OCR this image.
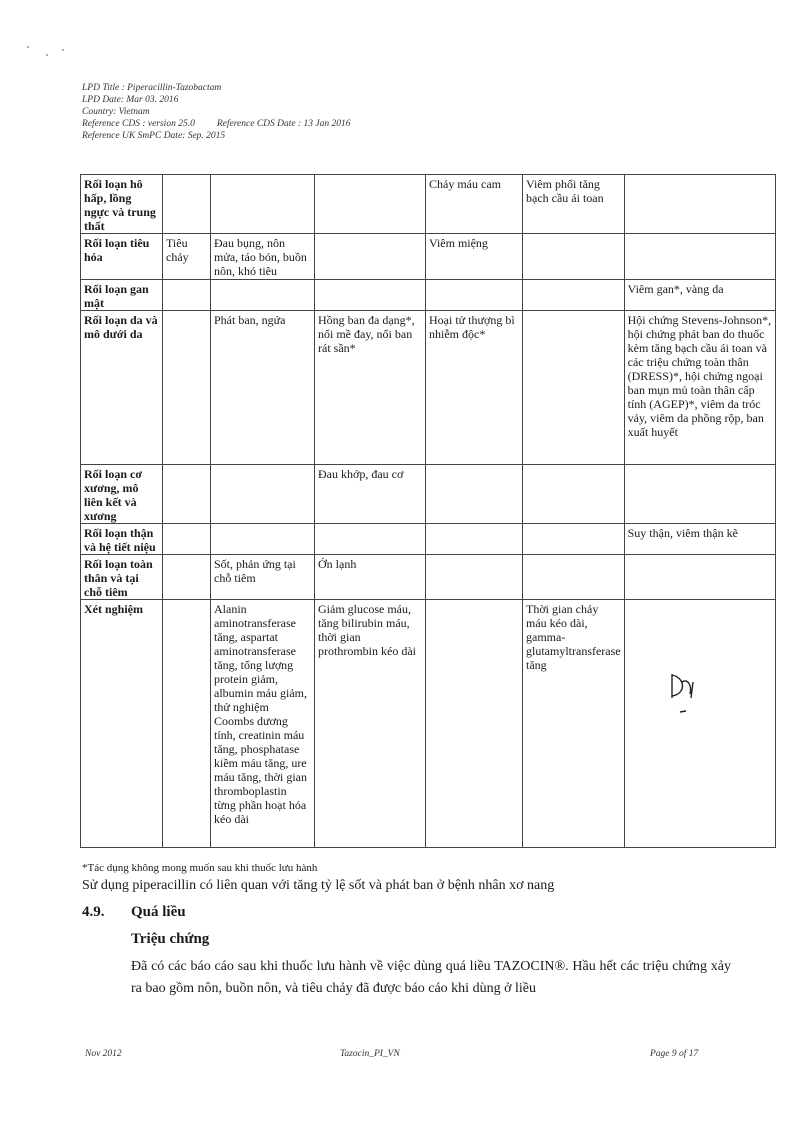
LPD Title : Piperacillin-Tazobactam
LPD Date: Mar 03. 2016
Country: Vietnam
Reference CDS : version 25.0 Reference CDS Date : 13 Jan 2016
Reference UK SmPC Date: Sep. 2015
Rối loạn hô hấp, lồng ngực và trung thất				Chảy máu cam	Viêm phổi tăng bạch cầu ái toan	
Rối loạn tiêu hóa	Tiêu chảy	Đau bụng, nôn mửa, táo bón, buồn nôn, khó tiêu		Viêm miệng		
Rối loạn gan mật						Viêm gan*, vàng da
Rối loạn da và mô dưới da		Phát ban, ngứa	Hồng ban đa dạng*, nổi mề đay, nổi ban rát sần*	Hoại tử thượng bì nhiễm độc*		Hội chứng Stevens-Johnson*, hội chứng phát ban do thuốc kèm tăng bạch cầu ái toan và các triệu chứng toàn thân (DRESS)*, hội chứng ngoại ban mụn mủ toàn thân cấp tính (AGEP)*, viêm da tróc vảy, viêm da phồng rộp, ban xuất huyết
Rối loạn cơ xương, mô liên kết và xương			Đau khớp, đau cơ			
Rối loạn thận và hệ tiết niệu						Suy thận, viêm thận kẽ
Rối loạn toàn thân và tại chỗ tiêm		Sốt, phản ứng tại chỗ tiêm	Ớn lạnh			
Xét nghiệm		Alanin aminotransferase tăng, aspartat aminotransferase tăng, tổng lượng protein giảm, albumin máu giảm, thử nghiệm Coombs dương tính, creatinin máu tăng, phosphatase kiềm máu tăng, ure máu tăng, thời gian thromboplastin từng phần hoạt hóa kéo dài	Giảm glucose máu, tăng bilirubin máu, thời gian prothrombin kéo dài		Thời gian chảy máu kéo dài, gamma-glutamyltransferase tăng	
*Tác dụng không mong muốn sau khi thuốc lưu hành
Sử dụng piperacillin có liên quan với tăng tỷ lệ sốt và phát ban ở bệnh nhân xơ nang
4.9. Quá liều
Triệu chứng
Đã có các báo cáo sau khi thuốc lưu hành về việc dùng quá liều TAZOCIN®. Hầu hết các triệu chứng xảy ra bao gồm nôn, buồn nôn, và tiêu chảy đã được báo cáo khi dùng ở liều
Nov 2012	Tazocin_PI_VN	Page 9 of 17
